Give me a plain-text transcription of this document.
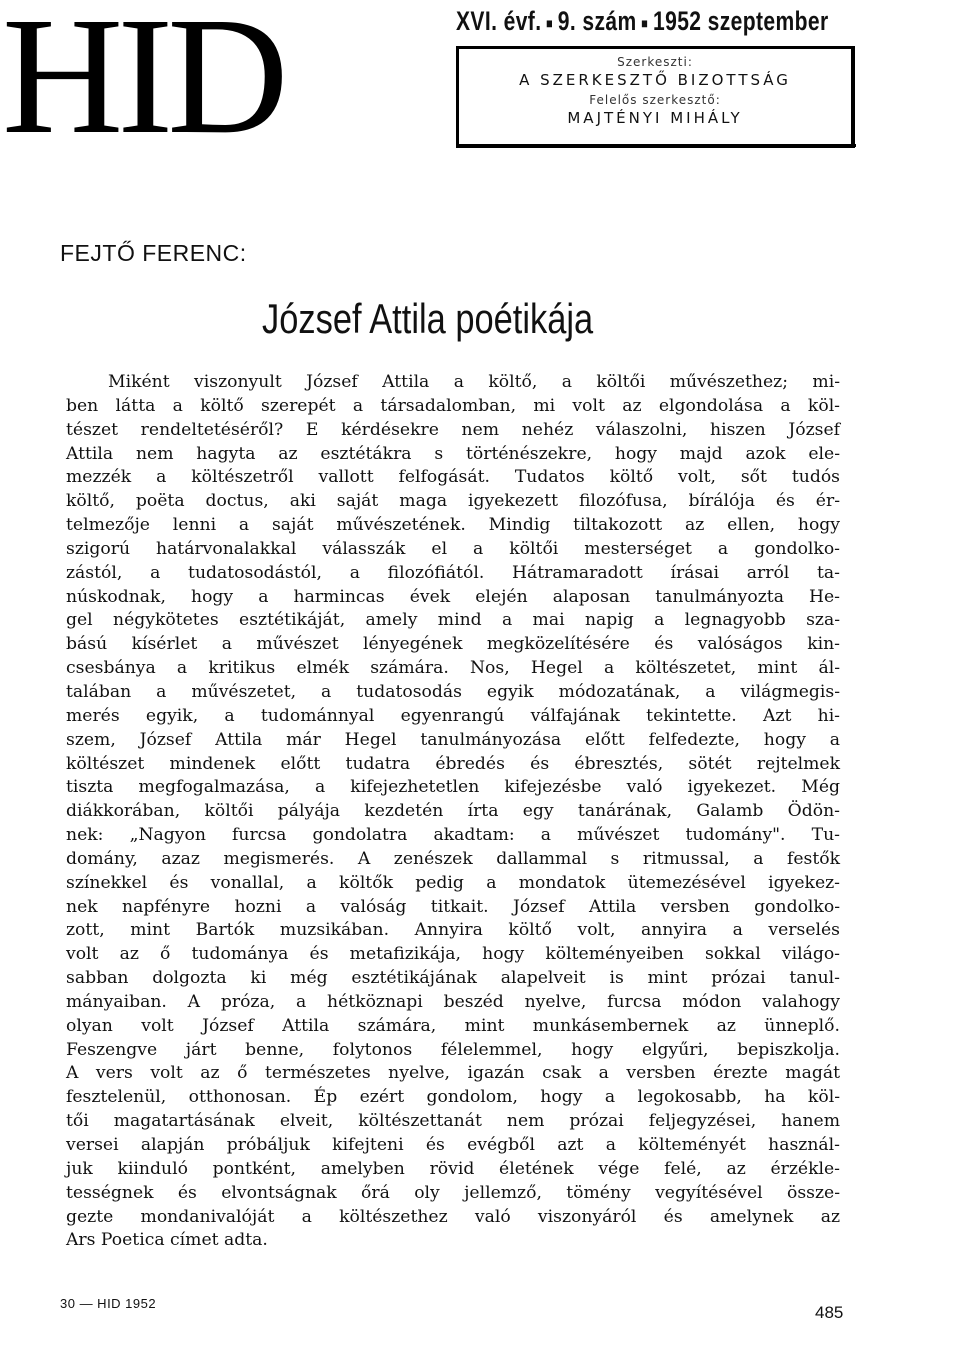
HID	XVI. évf. ■ 9. szám ■ 1952 szeptember
Szerkeszti:
A SZERKESZTŐ BIZOTTSÁG
Felelős szerkesztő:
MAJTÉNYI MIHÁLY
FEJTŐ FERENC:
József Attila poétikája
Miként viszonyult József Attila a költő, a költői művészethez; mi-
ben látta a költő szerepét a társadalomban, mi volt az elgondolása a köl-
tészet rendeltetéséről? E kérdésekre nem nehéz válaszolni, hiszen József
Attila nem hagyta az esztétákra s történészekre, hogy majd azok ele-
mezzék a költészetről vallott felfogását. Tudatos költő volt, sőt tudós
költő, poëta doctus, aki saját maga igyekezett filozófusa, bírálója és ér-
telmezője lenni a saját művészetének. Mindig tiltakozott az ellen, hogy
szigorú határvonalakkal válasszák el a költői mesterséget a gondolko-
zástól, a tudatosodástól, a filozófiától. Hátramaradott írásai arról ta-
núskodnak, hogy a harmincas évek elején alaposan tanulmányozta He-
gel négykötetes esztétikáját, amely mind a mai napig a legnagyobb sza-
bású kísérlet a művészet lényegének megközelítésére és valóságos kin-
csesbánya a kritikus elmék számára. Nos, Hegel a költészetet, mint ál-
talában a művészetet, a tudatosodás egyik módozatának, a világmegis-
merés egyik, a tudománnyal egyenrangú válfajának tekintette. Azt hi-
szem, József Attila már Hegel tanulmányozása előtt felfedezte, hogy a
költészet mindenek előtt tudatra ébredés és ébresztés, sötét rejtelmek
tiszta megfogalmazása, a kifejezhetetlen kifejezésbe való igyekezet. Még
diákkorában, költői pályája kezdetén írta egy tanárának, Galamb Ödön-
nek: „Nagyon furcsa gondolatra akadtam: a művészet tudomány". Tu-
domány, azaz megismerés. A zenészek dallammal s ritmussal, a festők
színekkel és vonallal, a költők pedig a mondatok ütemezésével igyekez-
nek napfényre hozni a valóság titkait. József Attila versben gondolko-
zott, mint Bartók muzsikában. Annyira költő volt, annyira a verselés
volt az ő tudománya és metafizikája, hogy költeményeiben sokkal világo-
sabban dolgozta ki még esztétikájának alapelveit is mint prózai tanul-
mányaiban. A próza, a hétköznapi beszéd nyelve, furcsa módon valahogy
olyan volt József Attila számára, mint munkásembernek az ünneplő.
Feszengve járt benne, folytonos félelemmel, hogy elgyűri, bepiszkolja.
A vers volt az ő természetes nyelve, igazán csak a versben érezte magát
fesztelenül, otthonosan. Ép ezért gondolom, hogy a legokosabb, ha köl-
tői magatartásának elveit, költészettanát nem prózai feljegyzései, hanem
versei alapján próbáljuk kifejteni és evégből azt a költeményét használ-
juk kiinduló pontként, amelyben rövid életének vége felé, az érzékle-
tességnek és elvontságnak őrá oly jellemző, tömény vegyítésével össze-
gezte mondanivalóját a költészethez való viszonyáról és amelynek az
Ars Poetica címet adta.
30 — HID 1952	485
